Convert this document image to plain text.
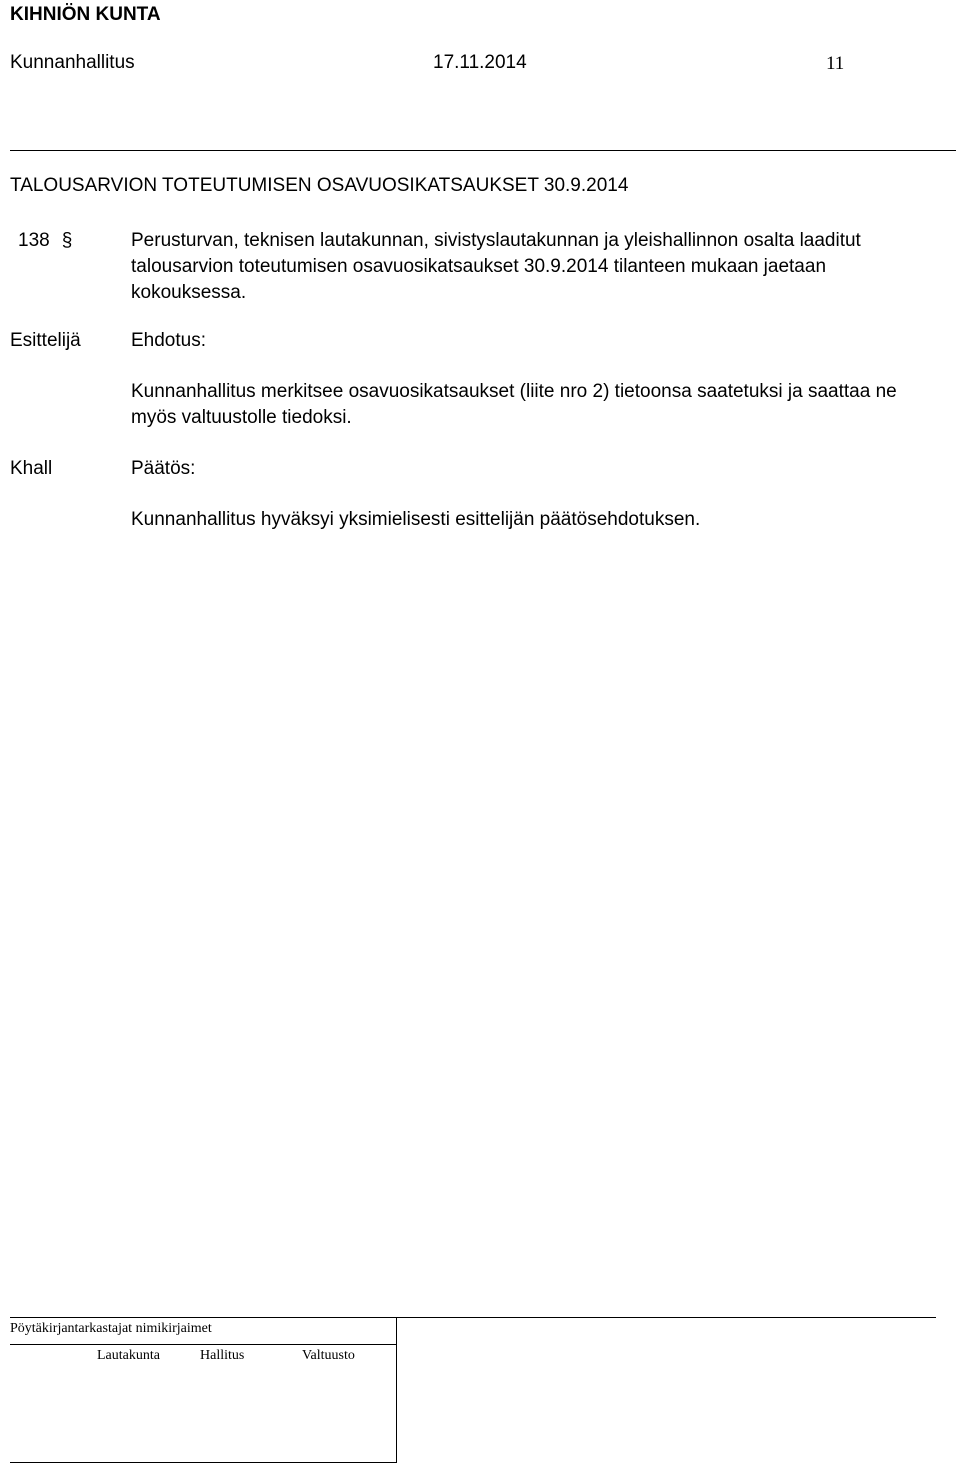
KIHNIÖN KUNTA
Kunnanhallitus	17.11.2014	11
TALOUSARVION TOTEUTUMISEN OSAVUOSIKATSAUKSET 30.9.2014
138 §	Perusturvan, teknisen lautakunnan, sivistyslautakunnan ja yleishallinnon osalta laaditut talousarvion toteutumisen osavuosikatsaukset 30.9.2014 tilanteen mukaan jaetaan kokouksessa.
Esittelijä	Ehdotus:
Kunnanhallitus merkitsee osavuosikatsaukset (liite nro 2) tietoonsa saatetuksi ja saattaa ne myös valtuustolle tiedoksi.
Khall	Päätös:
Kunnanhallitus hyväksyi yksimielisesti esittelijän päätösehdotuksen.
Pöytäkirjantarkastajat nimikirjaimet
Lautakunta	Hallitus	Valtuusto
